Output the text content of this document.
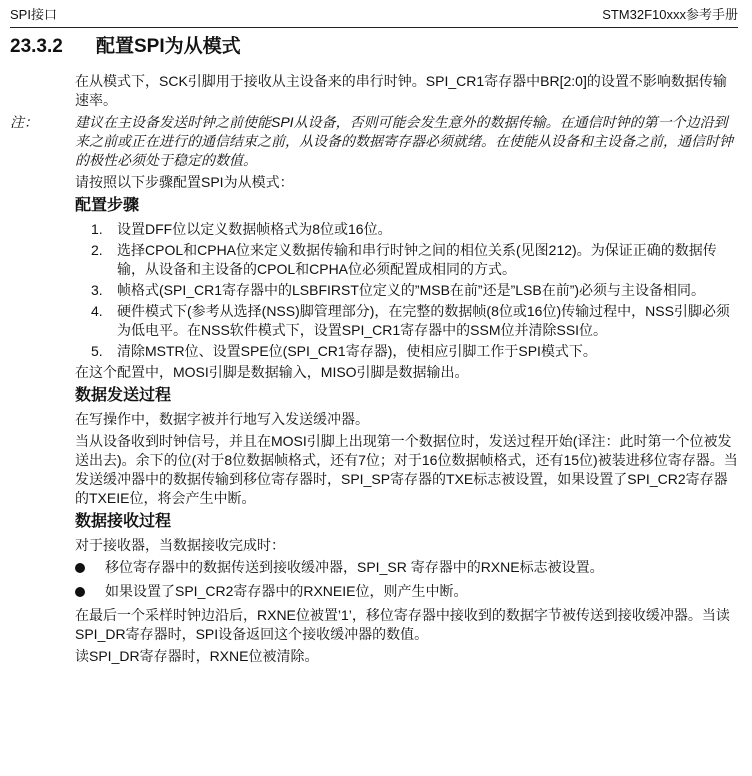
SPI接口	STM32F10xxx参考手册
23.3.2 配置SPI为从模式

在从模式下，SCK引脚用于接收从主设备来的串行时钟。SPI_CR1寄存器中BR[2:0]的设置不影响数据传输速率。

注：	建议在主设备发送时钟之前使能SPI从设备，否则可能会发生意外的数据传输。在通信时钟的第一个边沿到来之前或正在进行的通信结束之前，从设备的数据寄存器必须就绪。在使能从设备和主设备之前，通信时钟的极性必须处于稳定的数值。

请按照以下步骤配置SPI为从模式：

配置步骤
1. 设置DFF位以定义数据帧格式为8位或16位。
2. 选择CPOL和CPHA位来定义数据传输和串行时钟之间的相位关系(见图212)。为保证正确的数据传输，从设备和主设备的CPOL和CPHA位必须配置成相同的方式。
3. 帧格式(SPI_CR1寄存器中的LSBFIRST位定义的”MSB在前”还是”LSB在前”)必须与主设备相同。
4. 硬件模式下(参考从选择(NSS)脚管理部分)，在完整的数据帧(8位或16位)传输过程中，NSS引脚必须为低电平。在NSS软件模式下，设置SPI_CR1寄存器中的SSM位并清除SSI位。
5. 清除MSTR位、设置SPE位(SPI_CR1寄存器)，使相应引脚工作于SPI模式下。

在这个配置中，MOSI引脚是数据输入，MISO引脚是数据输出。

数据发送过程

在写操作中，数据字被并行地写入发送缓冲器。

当从设备收到时钟信号，并且在MOSI引脚上出现第一个数据位时，发送过程开始(译注：此时第一个位被发送出去)。余下的位(对于8位数据帧格式，还有7位；对于16位数据帧格式，还有15位)被装进移位寄存器。当发送缓冲器中的数据传输到移位寄存器时，SPI_SP寄存器的TXE标志被设置，如果设置了SPI_CR2寄存器的TXEIE位，将会产生中断。

数据接收过程

对于接收器，当数据接收完成时：

移位寄存器中的数据传送到接收缓冲器，SPI_SR 寄存器中的RXNE标志被设置。
如果设置了SPI_CR2寄存器中的RXNEIE位，则产生中断。

在最后一个采样时钟边沿后，RXNE位被置’1’，移位寄存器中接收到的数据字节被传送到接收缓冲器。当读SPI_DR寄存器时，SPI设备返回这个接收缓冲器的数值。

读SPI_DR寄存器时，RXNE位被清除。
